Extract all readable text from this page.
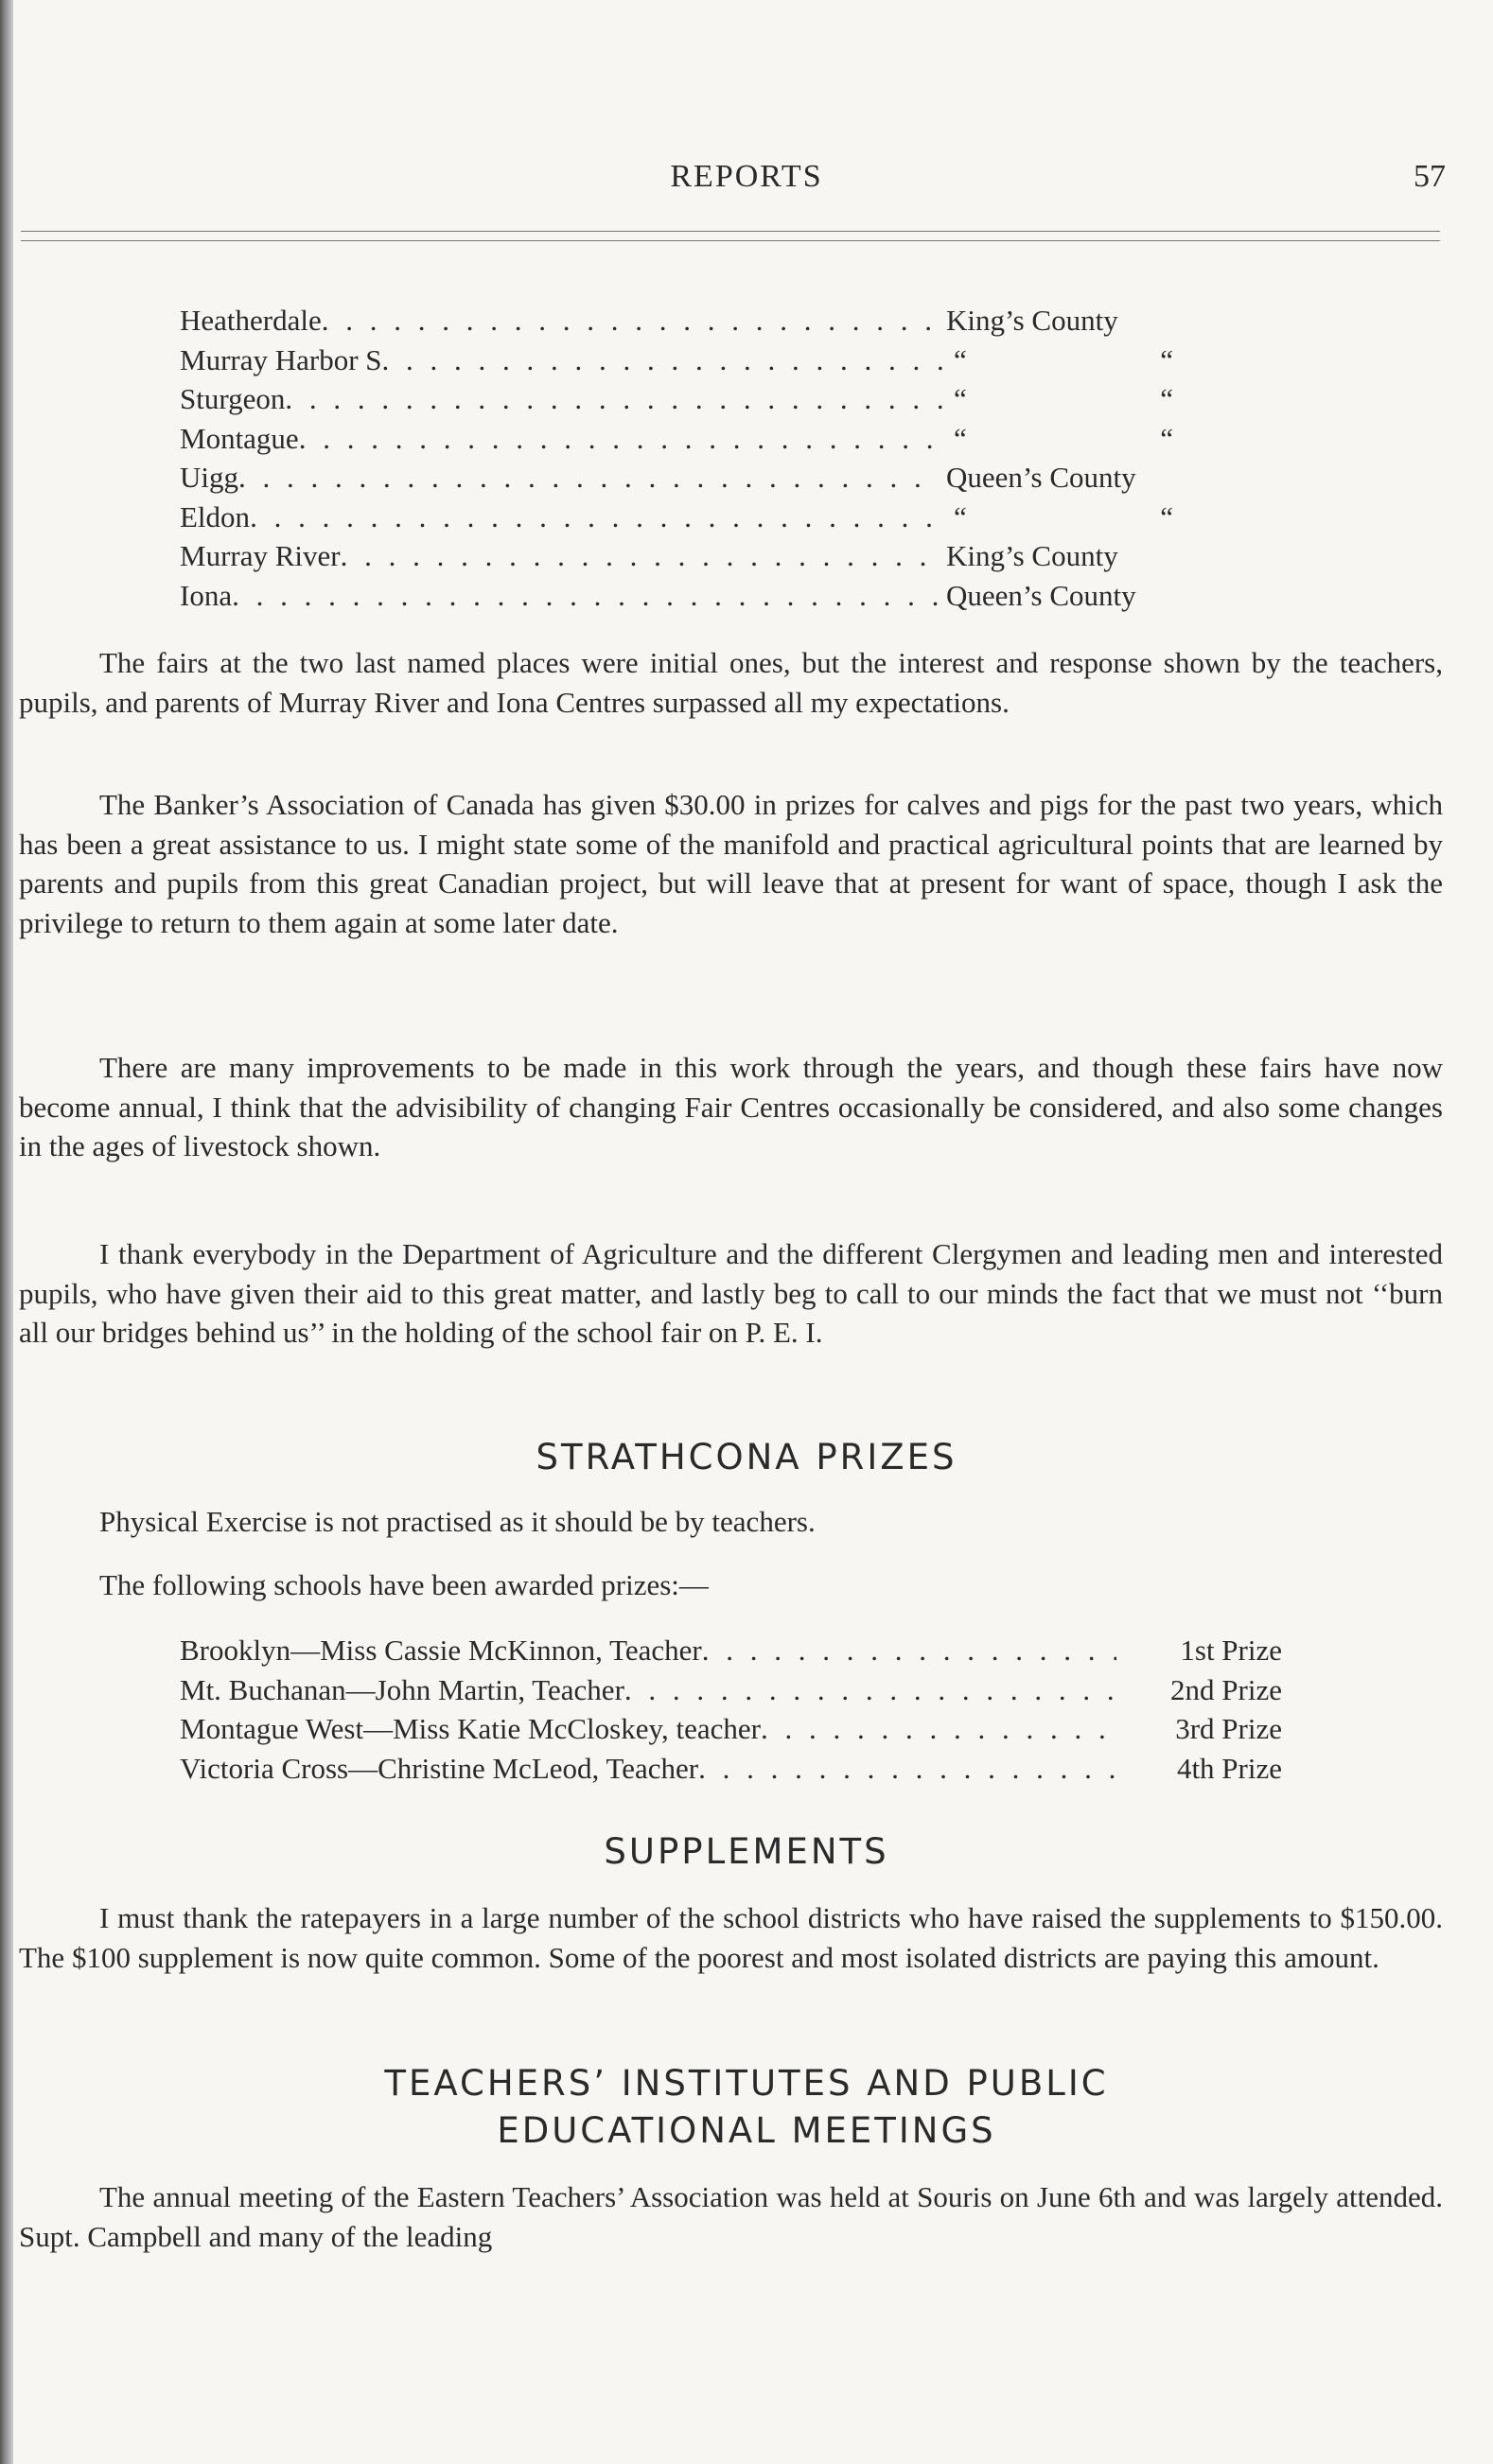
REPORTS	57
Heatherdale . . .	King’s County
Murray Harbor S . . .	“	“
Sturgeon . . .	“	“
Montague . . .	“	“
Uigg . . .	Queen’s County
Eldon . . .	“	“
Murray River . . .	King’s County
Iona . . .	Queen’s County

The fairs at the two last named places were initial ones, but the interest and response shown by the teachers, pupils, and parents of Murray River and Iona Centres surpassed all my expectations.

The Banker’s Association of Canada has given $30.00 in prizes for calves and pigs for the past two years, which has been a great assistance to us. I might state some of the manifold and practical agricultural points that are learned by parents and pupils from this great Canadian project, but will leave that at present for want of space, though I ask the privilege to return to them again at some later date.

There are many improvements to be made in this work through the years, and though these fairs have now become annual, I think that the advisibility of changing Fair Centres occasionally be considered, and also some changes in the ages of livestock shown.

I thank everybody in the Department of Agriculture and the different Clergymen and leading men and interested pupils, who have given their aid to this great matter, and lastly beg to call to our minds the fact that we must not ‘‘burn all our bridges behind us’’ in the holding of the school fair on P. E. I.

STRATHCONA PRIZES

Physical Exercise is not practised as it should be by teachers.

The following schools have been awarded prizes:—

Brooklyn—Miss Cassie McKinnon, Teacher . . .	1st Prize
Mt. Buchanan—John Martin, Teacher . . .	2nd Prize
Montague West—Miss Katie McCloskey, teacher . . .	3rd Prize
Victoria Cross—Christine McLeod, Teacher . . .	4th Prize
SUPPLEMENTS

I must thank the ratepayers in a large number of the school districts who have raised the supplements to $150.00. The $100 supplement is now quite common. Some of the poorest and most isolated districts are paying this amount.

TEACHERS’ INSTITUTES AND PUBLIC
EDUCATIONAL MEETINGS

The annual meeting of the Eastern Teachers’ Association was held at Souris on June 6th and was largely attended. Supt. Campbell and many of the leading
